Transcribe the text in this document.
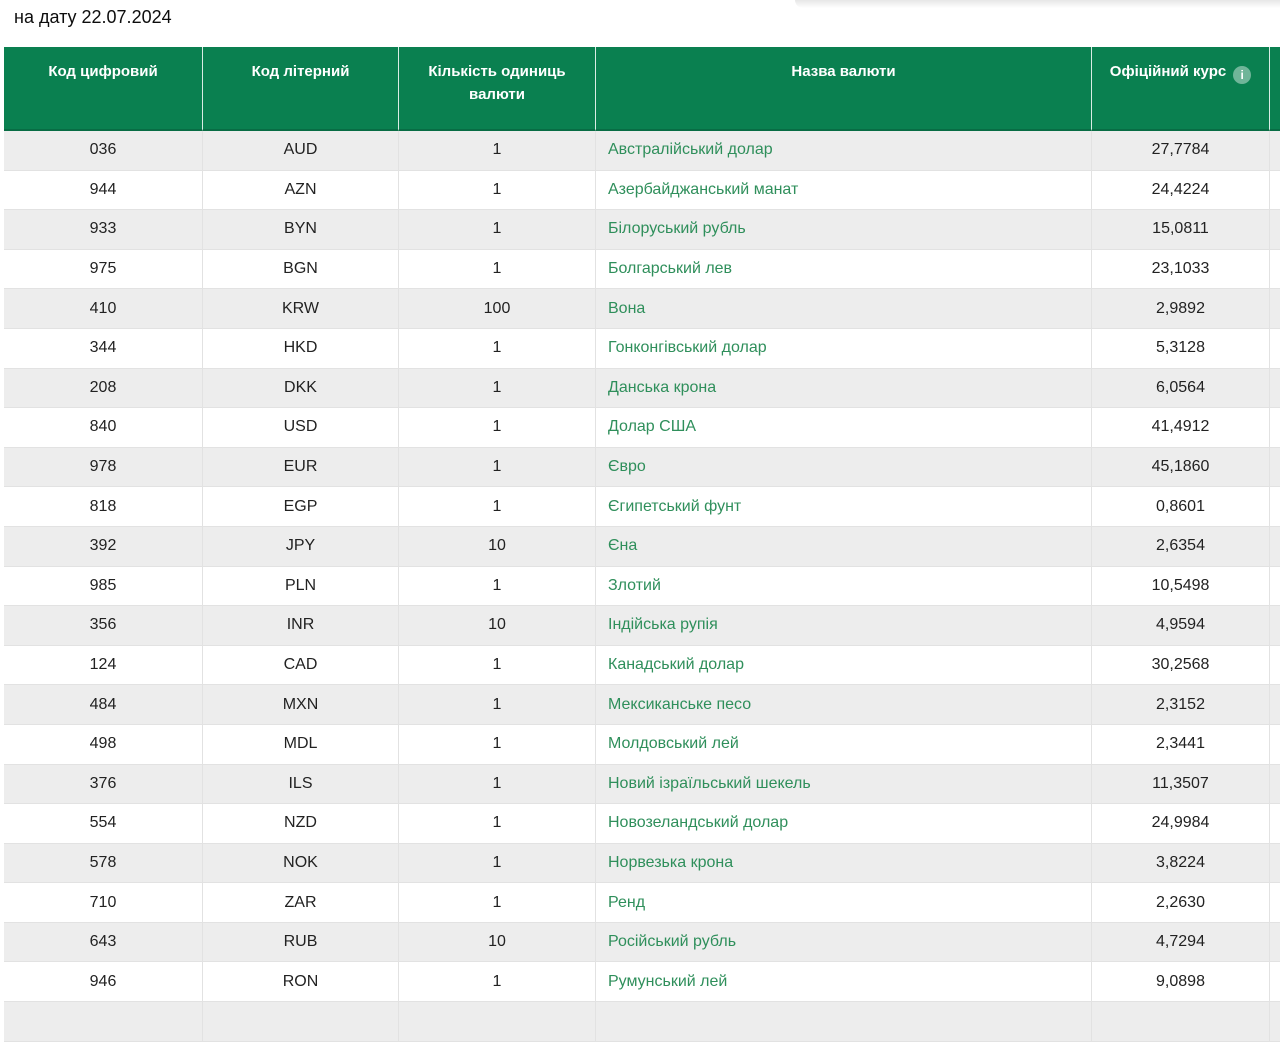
на дату 22.07.2024
Код цифровий	Код літерний	Кількість одиниць валюти	Назва валюти	Офіційний курс i	
036	AUD	1	Австралійський долар	27,7784	
944	AZN	1	Азербайджанський манат	24,4224	
933	BYN	1	Білоруський рубль	15,0811	
975	BGN	1	Болгарський лев	23,1033	
410	KRW	100	Вона	2,9892	
344	HKD	1	Гонконгівський долар	5,3128	
208	DKK	1	Данська крона	6,0564	
840	USD	1	Долар США	41,4912	
978	EUR	1	Євро	45,1860	
818	EGP	1	Єгипетський фунт	0,8601	
392	JPY	10	Єна	2,6354	
985	PLN	1	Злотий	10,5498	
356	INR	10	Індійська рупія	4,9594	
124	CAD	1	Канадський долар	30,2568	
484	MXN	1	Мексиканське песо	2,3152	
498	MDL	1	Молдовський лей	2,3441	
376	ILS	1	Новий ізраїльський шекель	11,3507	
554	NZD	1	Новозеландський долар	24,9984	
578	NOK	1	Норвезька крона	3,8224	
710	ZAR	1	Ренд	2,2630	
643	RUB	10	Російський рубль	4,7294	
946	RON	1	Румунський лей	9,0898	
